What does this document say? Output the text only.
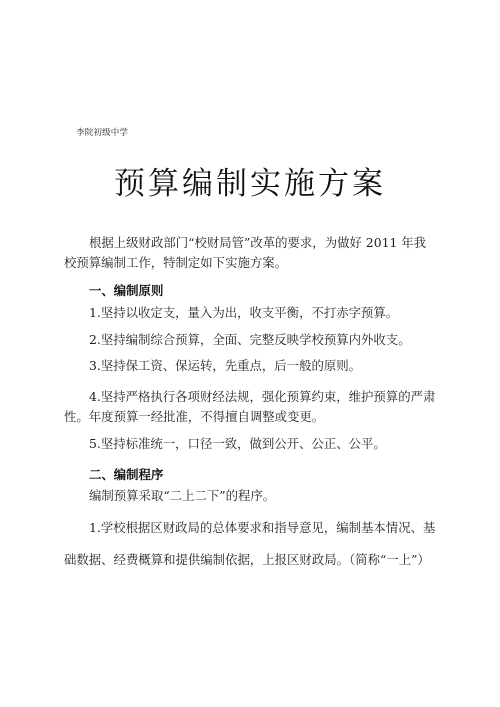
李院初级中学
预算编制实施方案

根据上级财政部门“校财局管”改革的要求，为做好 2011 年我校预算编制工作，特制定如下实施方案。

一、编制原则

1.坚持以收定支，量入为出，收支平衡，不打赤字预算。

2.坚持编制综合预算，全面、完整反映学校预算内外收支。

3.坚持保工资、保运转，先重点，后一般的原则。

4.坚持严格执行各项财经法规，强化预算约束，维护预算的严肃性。年度预算一经批准，不得擅自调整或变更。

5.坚持标准统一，口径一致，做到公开、公正、公平。

二、编制程序

编制预算采取“二上二下”的程序。

1.学校根据区财政局的总体要求和指导意见，编制基本情况、基础数据、经费概算和提供编制依据，上报区财政局。（简称“一上”）
